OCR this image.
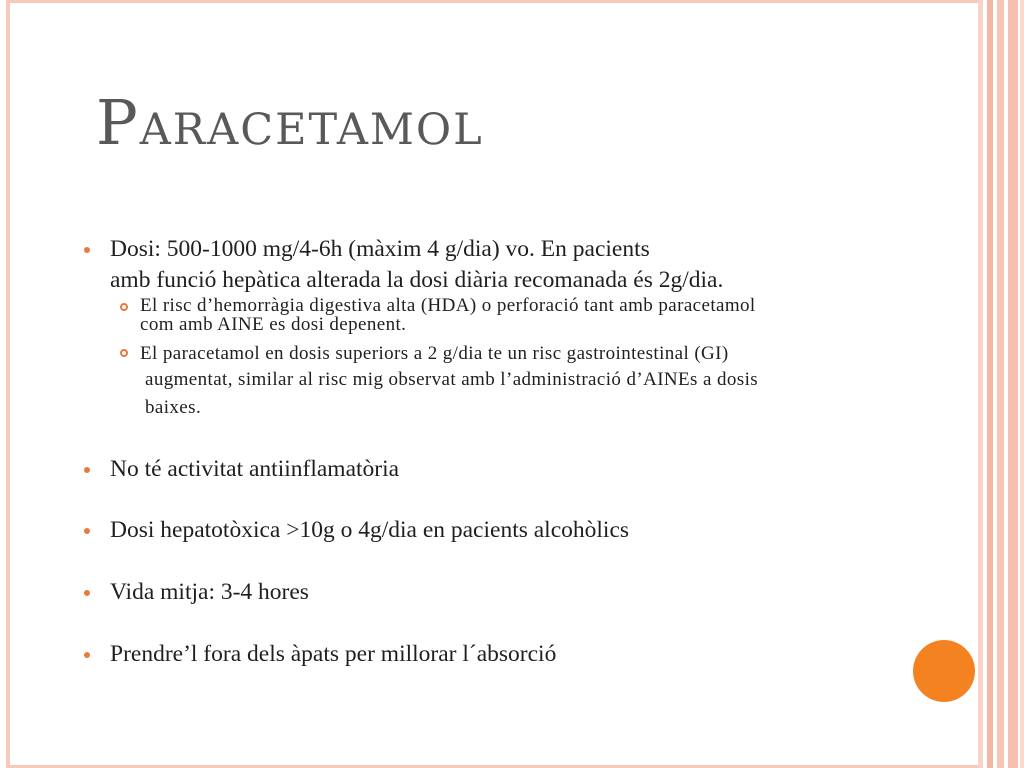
Paracetamol
Dosi: 500-1000 mg/4-6h (màxim 4 g/dia) vo. En pacients
amb funció hepàtica alterada la dosi diària recomanada és 2g/dia.
El risc d’hemorràgia digestiva alta (HDA) o perforació tant amb paracetamol
com amb AINE es dosi depenent.
El paracetamol en dosis superiors a 2 g/dia te un risc gastrointestinal (GI)
augmentat, similar al risc mig observat amb l’administració d’AINEs a dosis
baixes.
No té activitat antiinflamatòria
Dosi hepatotòxica >10g o 4g/dia en pacients alcohòlics
Vida mitja: 3-4 hores
Prendre’l fora dels àpats per millorar l´absorció
